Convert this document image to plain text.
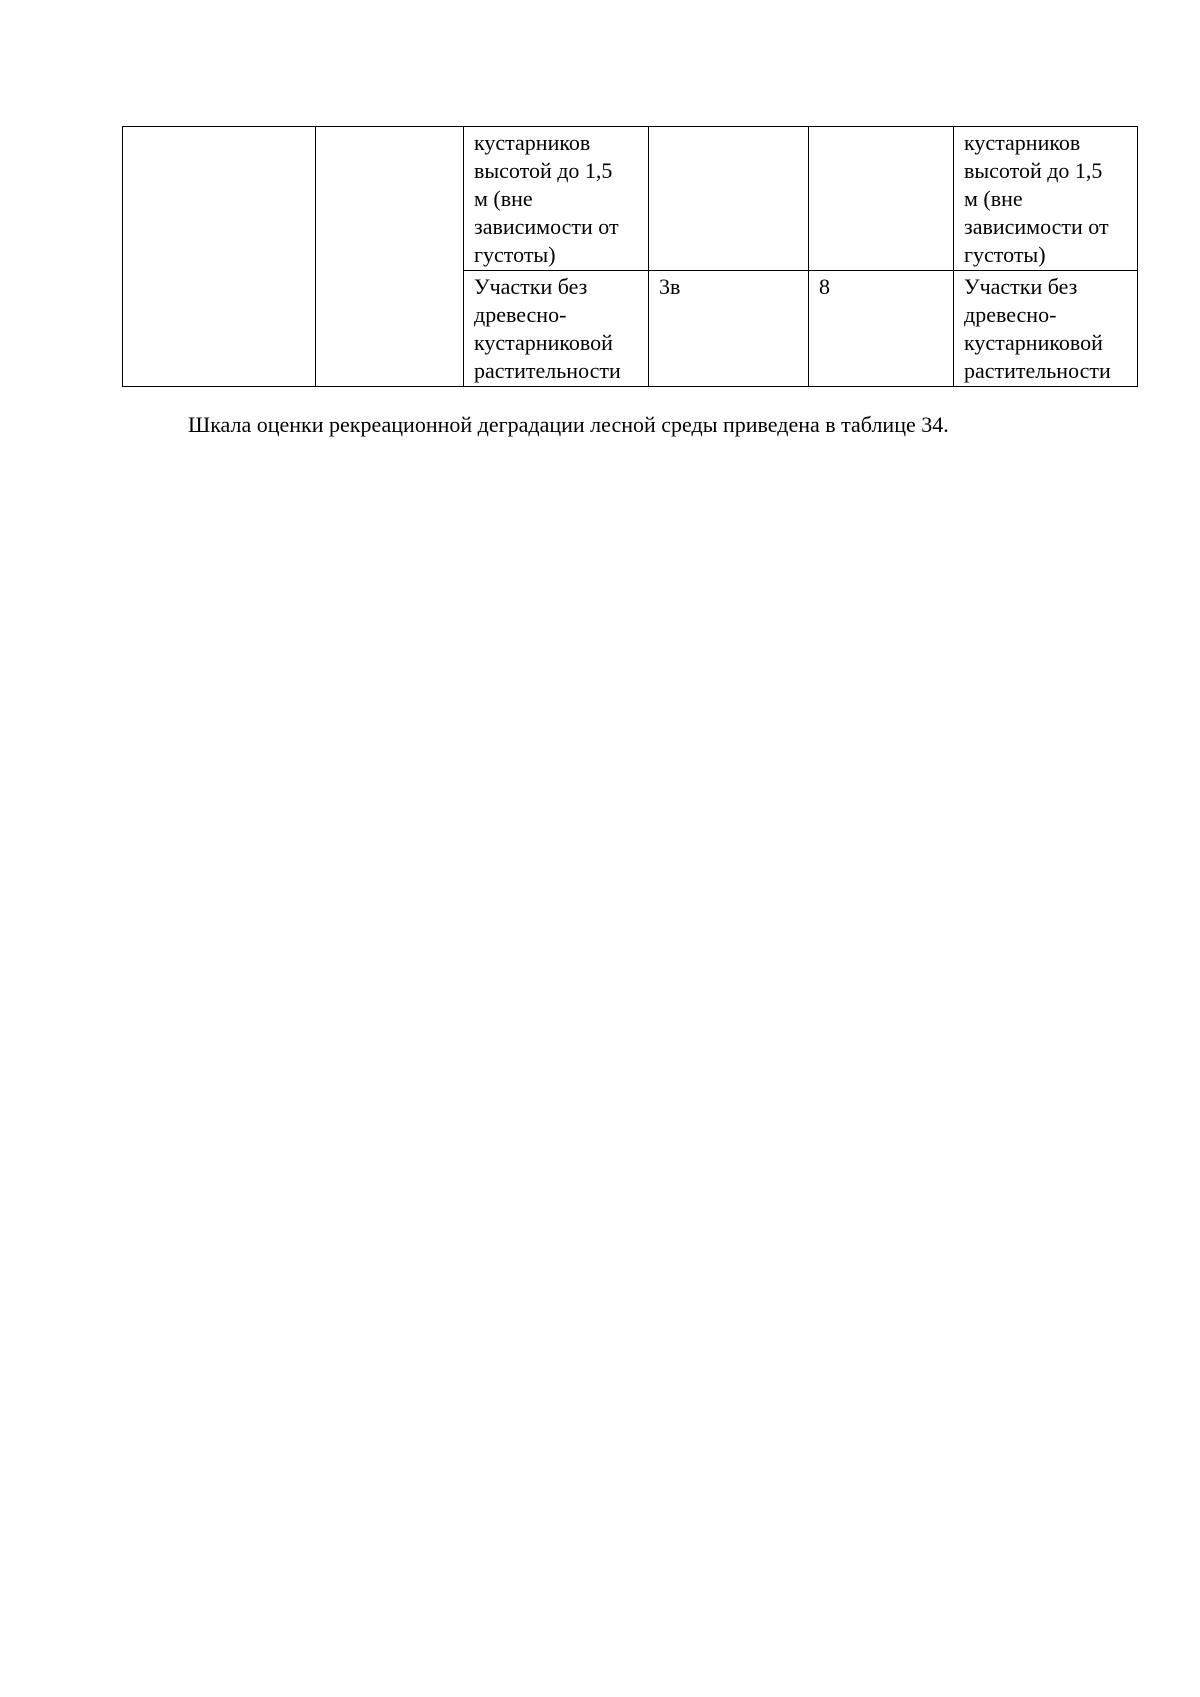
		кустарников
высотой до 1,5
м (вне
зависимости от
густоты)			кустарников
высотой до 1,5
м (вне
зависимости от
густоты)
		Участки без
древесно-
кустарниковой
растительности	3в	8	Участки без
древесно-
кустарниковой
растительности
Шкала оценки рекреационной деградации лесной среды приведена в таблице 34.
